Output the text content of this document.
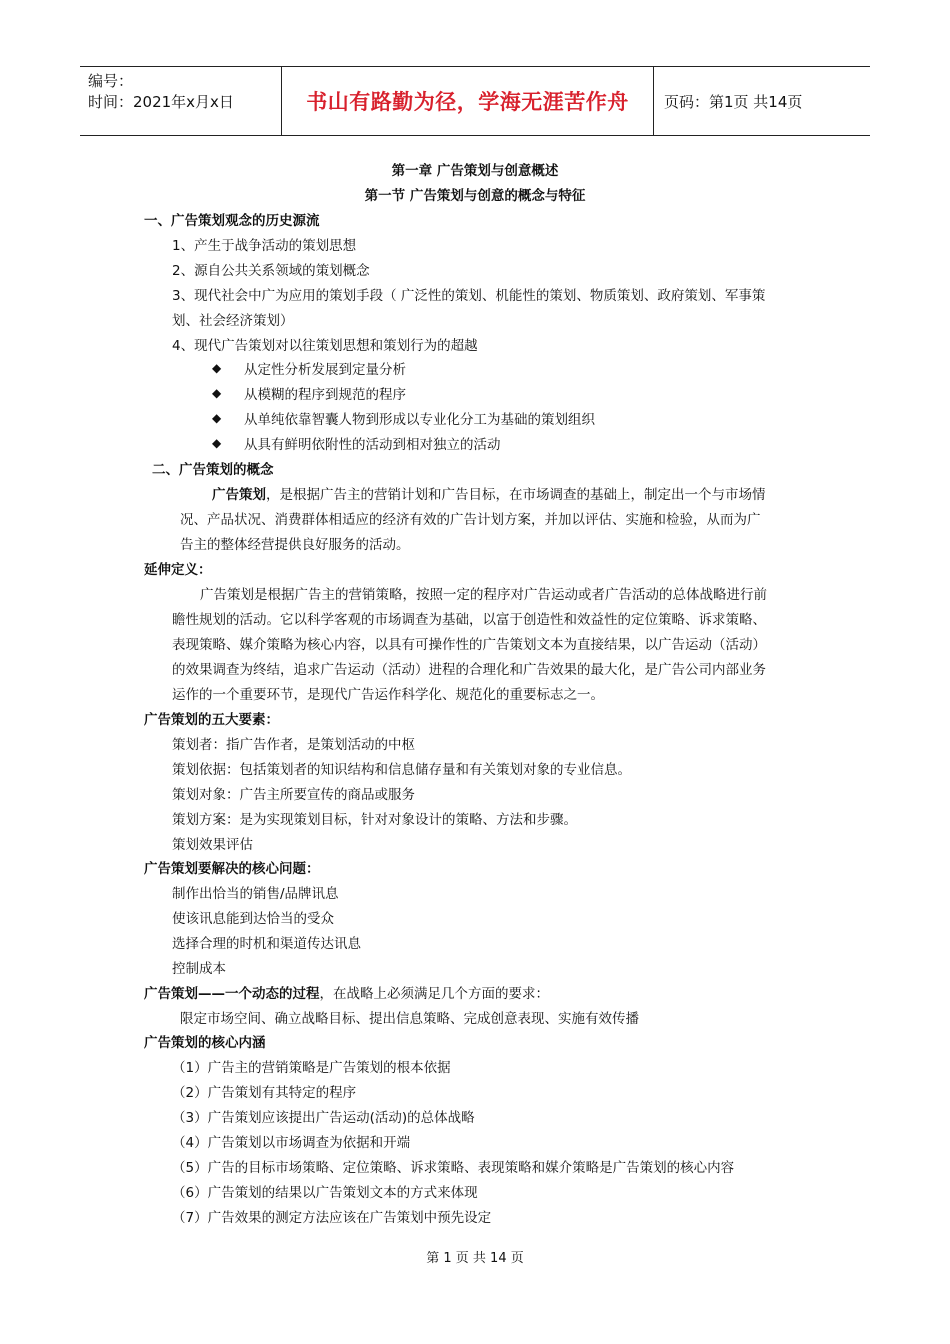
编号：
时间：2021年x月x日	书山有路勤为径，学海无涯苦作舟 页码：第1页 共14页
第一章 广告策划与创意概述
第一节 广告策划与创意的概念与特征
一、广告策划观念的历史源流
1、产生于战争活动的策划思想
2、源自公共关系领域的策划概念
3、现代社会中广为应用的策划手段（ 广泛性的策划、机能性的策划、物质策划、政府策划、军事策
划、社会经济策划）
4、现代广告策划对以往策划思想和策划行为的超越
◆ 从定性分析发展到定量分析
◆ 从模糊的程序到规范的程序
◆ 从单纯依靠智囊人物到形成以专业化分工为基础的策划组织
◆ 从具有鲜明依附性的活动到相对独立的活动
二、广告策划的概念
广告策划，是根据广告主的营销计划和广告目标，在市场调查的基础上，制定出一个与市场情
况、产品状况、消费群体相适应的经济有效的广告计划方案，并加以评估、实施和检验，从而为广
告主的整体经营提供良好服务的活动。
延伸定义：
广告策划是根据广告主的营销策略，按照一定的程序对广告运动或者广告活动的总体战略进行前
瞻性规划的活动。它以科学客观的市场调查为基础，以富于创造性和效益性的定位策略、诉求策略、
表现策略、媒介策略为核心内容，以具有可操作性的广告策划文本为直接结果，以广告运动（活动）
的效果调查为终结，追求广告运动（活动）进程的合理化和广告效果的最大化，是广告公司内部业务
运作的一个重要环节，是现代广告运作科学化、规范化的重要标志之一。
广告策划的五大要素：
策划者：指广告作者，是策划活动的中枢
策划依据：包括策划者的知识结构和信息储存量和有关策划对象的专业信息。
策划对象：广告主所要宣传的商品或服务
策划方案：是为实现策划目标，针对对象设计的策略、方法和步骤。
策划效果评估
广告策划要解决的核心问题：
制作出恰当的销售/品牌讯息
使该讯息能到达恰当的受众
选择合理的时机和渠道传达讯息
控制成本
广告策划——一个动态的过程，在战略上必须满足几个方面的要求：
限定市场空间、确立战略目标、提出信息策略、完成创意表现、实施有效传播
广告策划的核心内涵
（1）广告主的营销策略是广告策划的根本依据
（2）广告策划有其特定的程序
（3）广告策划应该提出广告运动(活动)的总体战略
（4）广告策划以市场调查为依据和开端
（5）广告的目标市场策略、定位策略、诉求策略、表现策略和媒介策略是广告策划的核心内容
（6）广告策划的结果以广告策划文本的方式来体现
（7）广告效果的测定方法应该在广告策划中预先设定
第 1 页 共 14 页
